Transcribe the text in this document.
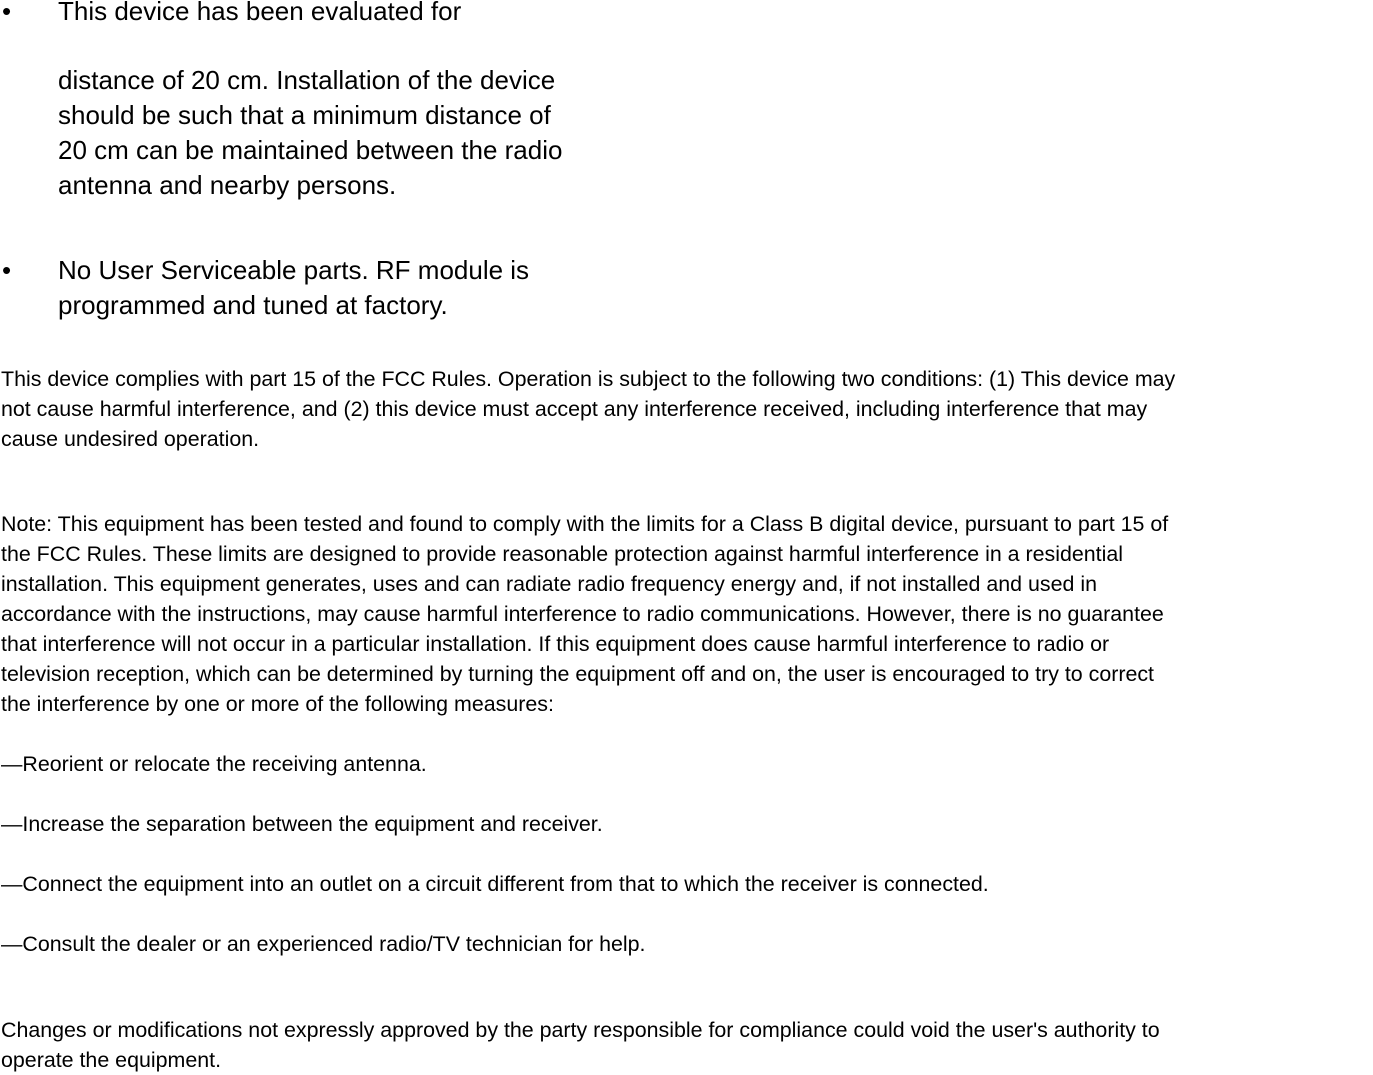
•	This device has been evaluated for
distance of 20 cm. Installation of the device
should be such that a minimum distance of
20 cm can be maintained between the radio
antenna and nearby persons.
•	No User Serviceable parts. RF module is
programmed and tuned at factory.
This device complies with part 15 of the FCC Rules. Operation is subject to the following two conditions: (1) This device may
not cause harmful interference, and (2) this device must accept any interference received, including interference that may
cause undesired operation.
Note: This equipment has been tested and found to comply with the limits for a Class B digital device, pursuant to part 15 of
the FCC Rules. These limits are designed to provide reasonable protection against harmful interference in a residential
installation. This equipment generates, uses and can radiate radio frequency energy and, if not installed and used in
accordance with the instructions, may cause harmful interference to radio communications. However, there is no guarantee
that interference will not occur in a particular installation. If this equipment does cause harmful interference to radio or
television reception, which can be determined by turning the equipment off and on, the user is encouraged to try to correct
the interference by one or more of the following measures:
—Reorient or relocate the receiving antenna.
—Increase the separation between the equipment and receiver.
—Connect the equipment into an outlet on a circuit different from that to which the receiver is connected.
—Consult the dealer or an experienced radio/TV technician for help.
Changes or modifications not expressly approved by the party responsible for compliance could void the user's authority to
operate the equipment.
